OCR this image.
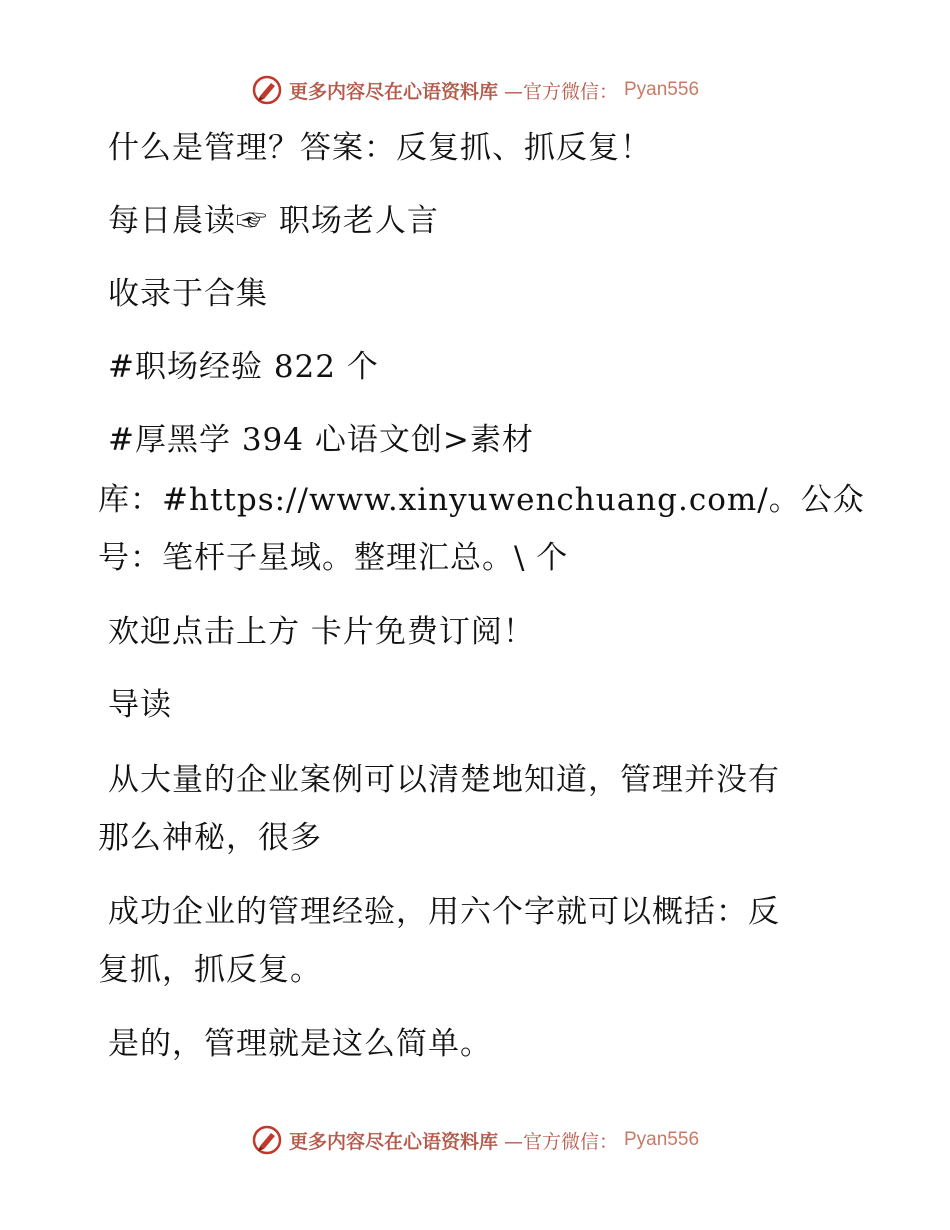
更多内容尽在心语资料库 —官方微信： Pyan556
什么是管理？答案：反复抓、抓反复！
每日晨读☞ 职场老人言
收录于合集
#职场经验 822 个
#厚黑学 394 心语文创>素材
库：#https://www.xinyuwenchuang.com/。公众
号：笔杆子星域。整理汇总。\ 个
欢迎点击上方 卡片免费订阅！
导读
从大量的企业案例可以清楚地知道，管理并没有
那么神秘，很多
成功企业的管理经验，用六个字就可以概括：反
复抓，抓反复。
是的，管理就是这么简单。
更多内容尽在心语资料库 —官方微信： Pyan556
